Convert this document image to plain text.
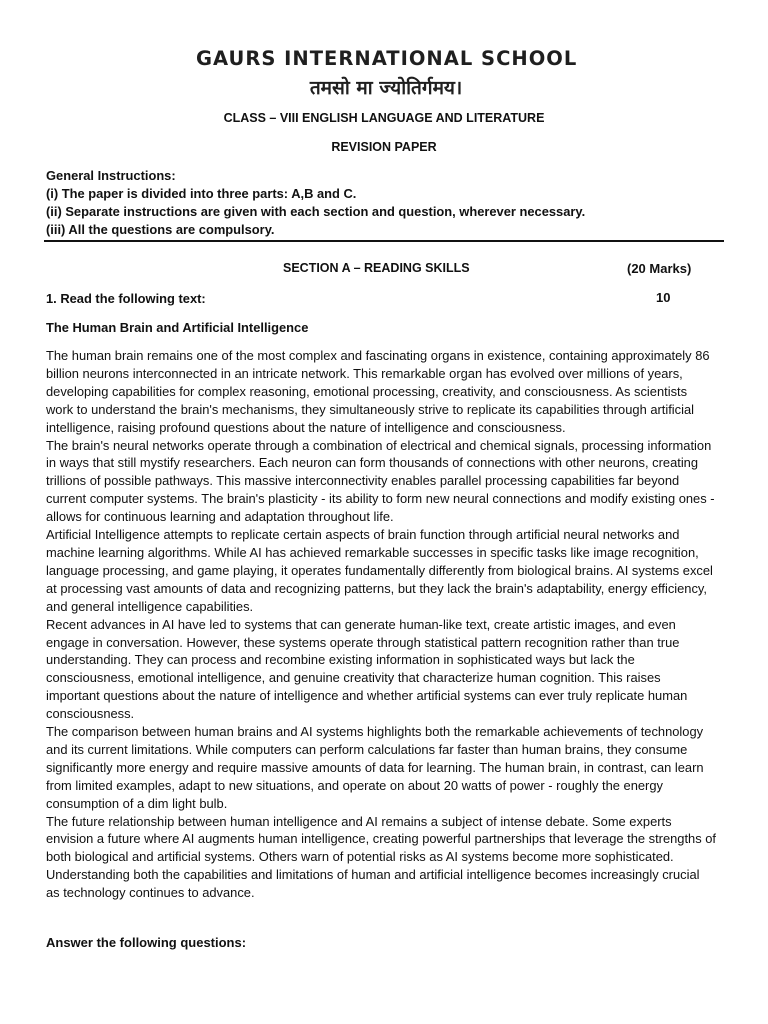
GAURS INTERNATIONAL SCHOOL
तमसो मा ज्योतिर्गमय।
CLASS – VIII ENGLISH LANGUAGE AND LITERATURE
REVISION PAPER
General Instructions:
(i) The paper is divided into three parts: A,B and C.
(ii) Separate instructions are given with each section and question, wherever necessary.
(iii) All the questions are compulsory.
SECTION A – READING SKILLS	(20 Marks)
1. Read the following text:	10
The Human Brain and Artificial Intelligence

The human brain remains one of the most complex and fascinating organs in existence, containing approximately 86 billion neurons interconnected in an intricate network. This remarkable organ has evolved over millions of years, developing capabilities for complex reasoning, emotional processing, creativity, and consciousness. As scientists work to understand the brain's mechanisms, they simultaneously strive to replicate its capabilities through artificial intelligence, raising profound questions about the nature of intelligence and consciousness.

The brain's neural networks operate through a combination of electrical and chemical signals, processing information in ways that still mystify researchers. Each neuron can form thousands of connections with other neurons, creating trillions of possible pathways. This massive interconnectivity enables parallel processing capabilities far beyond current computer systems. The brain's plasticity - its ability to form new neural connections and modify existing ones - allows for continuous learning and adaptation throughout life.

Artificial Intelligence attempts to replicate certain aspects of brain function through artificial neural networks and machine learning algorithms. While AI has achieved remarkable successes in specific tasks like image recognition, language processing, and game playing, it operates fundamentally differently from biological brains. AI systems excel at processing vast amounts of data and recognizing patterns, but they lack the brain's adaptability, energy efficiency, and general intelligence capabilities.

Recent advances in AI have led to systems that can generate human-like text, create artistic images, and even engage in conversation. However, these systems operate through statistical pattern recognition rather than true understanding. They can process and recombine existing information in sophisticated ways but lack the consciousness, emotional intelligence, and genuine creativity that characterize human cognition. This raises important questions about the nature of intelligence and whether artificial systems can ever truly replicate human consciousness.

The comparison between human brains and AI systems highlights both the remarkable achievements of technology and its current limitations. While computers can perform calculations far faster than human brains, they consume significantly more energy and require massive amounts of data for learning. The human brain, in contrast, can learn from limited examples, adapt to new situations, and operate on about 20 watts of power - roughly the energy consumption of a dim light bulb.

The future relationship between human intelligence and AI remains a subject of intense debate. Some experts envision a future where AI augments human intelligence, creating powerful partnerships that leverage the strengths of both biological and artificial systems. Others warn of potential risks as AI systems become more sophisticated. Understanding both the capabilities and limitations of human and artificial intelligence becomes increasingly crucial as technology continues to advance.

Answer the following questions:
